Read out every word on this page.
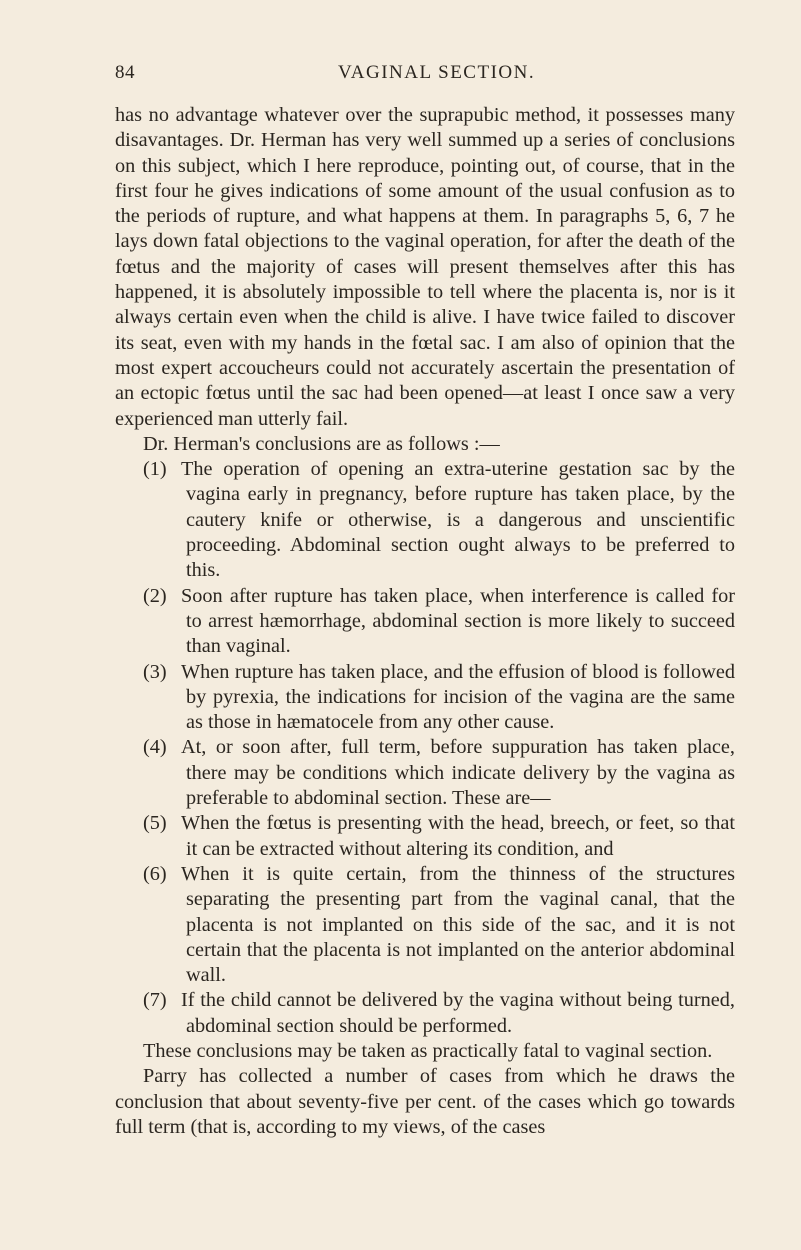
84	VAGINAL SECTION.

has no advantage whatever over the suprapubic method, it possesses many disavantages. Dr. Herman has very well summed up a series of conclusions on this subject, which I here reproduce, pointing out, of course, that in the first four he gives indications of some amount of the usual confusion as to the periods of rupture, and what happens at them. In paragraphs 5, 6, 7 he lays down fatal objections to the vaginal operation, for after the death of the fœtus and the majority of cases will present themselves after this has happened, it is absolutely impossible to tell where the placenta is, nor is it always certain even when the child is alive. I have twice failed to discover its seat, even with my hands in the fœtal sac. I am also of opinion that the most expert accoucheurs could not accurately ascertain the presentation of an ectopic fœtus until the sac had been opened—at least I once saw a very experienced man utterly fail.

Dr. Herman's conclusions are as follows :—

(1) The operation of opening an extra-uterine gestation sac by the vagina early in pregnancy, before rupture has taken place, by the cautery knife or otherwise, is a dangerous and unscientific proceeding. Abdominal section ought always to be preferred to this.

(2) Soon after rupture has taken place, when interference is called for to arrest hæmorrhage, abdominal section is more likely to succeed than vaginal.

(3) When rupture has taken place, and the effusion of blood is followed by pyrexia, the indications for incision of the vagina are the same as those in hæmatocele from any other cause.

(4) At, or soon after, full term, before suppuration has taken place, there may be conditions which indicate delivery by the vagina as preferable to abdominal section. These are—

(5) When the fœtus is presenting with the head, breech, or feet, so that it can be extracted without altering its condition, and

(6) When it is quite certain, from the thinness of the structures separating the presenting part from the vaginal canal, that the placenta is not implanted on this side of the sac, and it is not certain that the placenta is not implanted on the anterior abdominal wall.

(7) If the child cannot be delivered by the vagina without being turned, abdominal section should be performed.

These conclusions may be taken as practically fatal to vaginal section.

Parry has collected a number of cases from which he draws the conclusion that about seventy-five per cent. of the cases which go towards full term (that is, according to my views, of the cases
